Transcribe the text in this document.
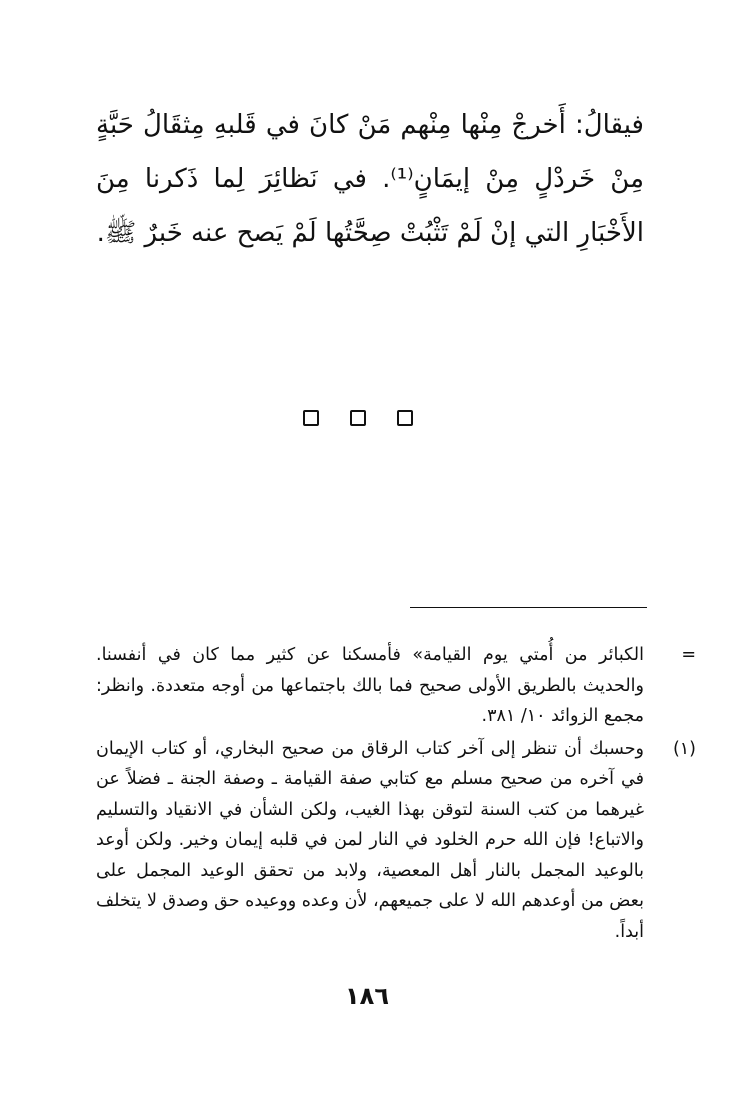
فيقالُ: أَخرجْ مِنْها مِنْهم مَنْ كانَ في قَلبهِ مِثقَالُ حَبَّةٍ مِنْ خَردْلٍ مِنْ إيمَانٍ⁽¹⁾. في نَظائِرَ لِما ذَكرنا مِنَ الأَخْبَارِ التي إنْ لَمْ تَثْبُتْ صِحَّتُها لَمْ يَصح عنه خَبرٌ ﷺ.

=
الكبائر من أُمتي يوم القيامة» فأمسكنا عن كثير مما كان في أنفسنا. والحديث بالطريق الأولى صحيح فما بالك باجتماعها من أوجه متعددة. وانظر: مجمع الزوائد ١٠/ ٣٨١.
(١)
وحسبك أن تنظر إلى آخر كتاب الرقاق من صحيح البخاري، أو كتاب الإيمان في آخره من صحيح مسلم مع كتابي صفة القيامة ـ وصفة الجنة ـ فضلاً عن غيرهما من كتب السنة لتوقن بهذا الغيب، ولكن الشأن في الانقياد والتسليم والاتباع! فإن الله حرم الخلود في النار لمن في قلبه إيمان وخير. ولكن أوعد بالوعيد المجمل بالنار أهل المعصية، ولابد من تحقق الوعيد المجمل على بعض من أوعدهم الله لا على جميعهم، لأن وعده ووعيده حق وصدق لا يتخلف أبداً.
١٨٦
